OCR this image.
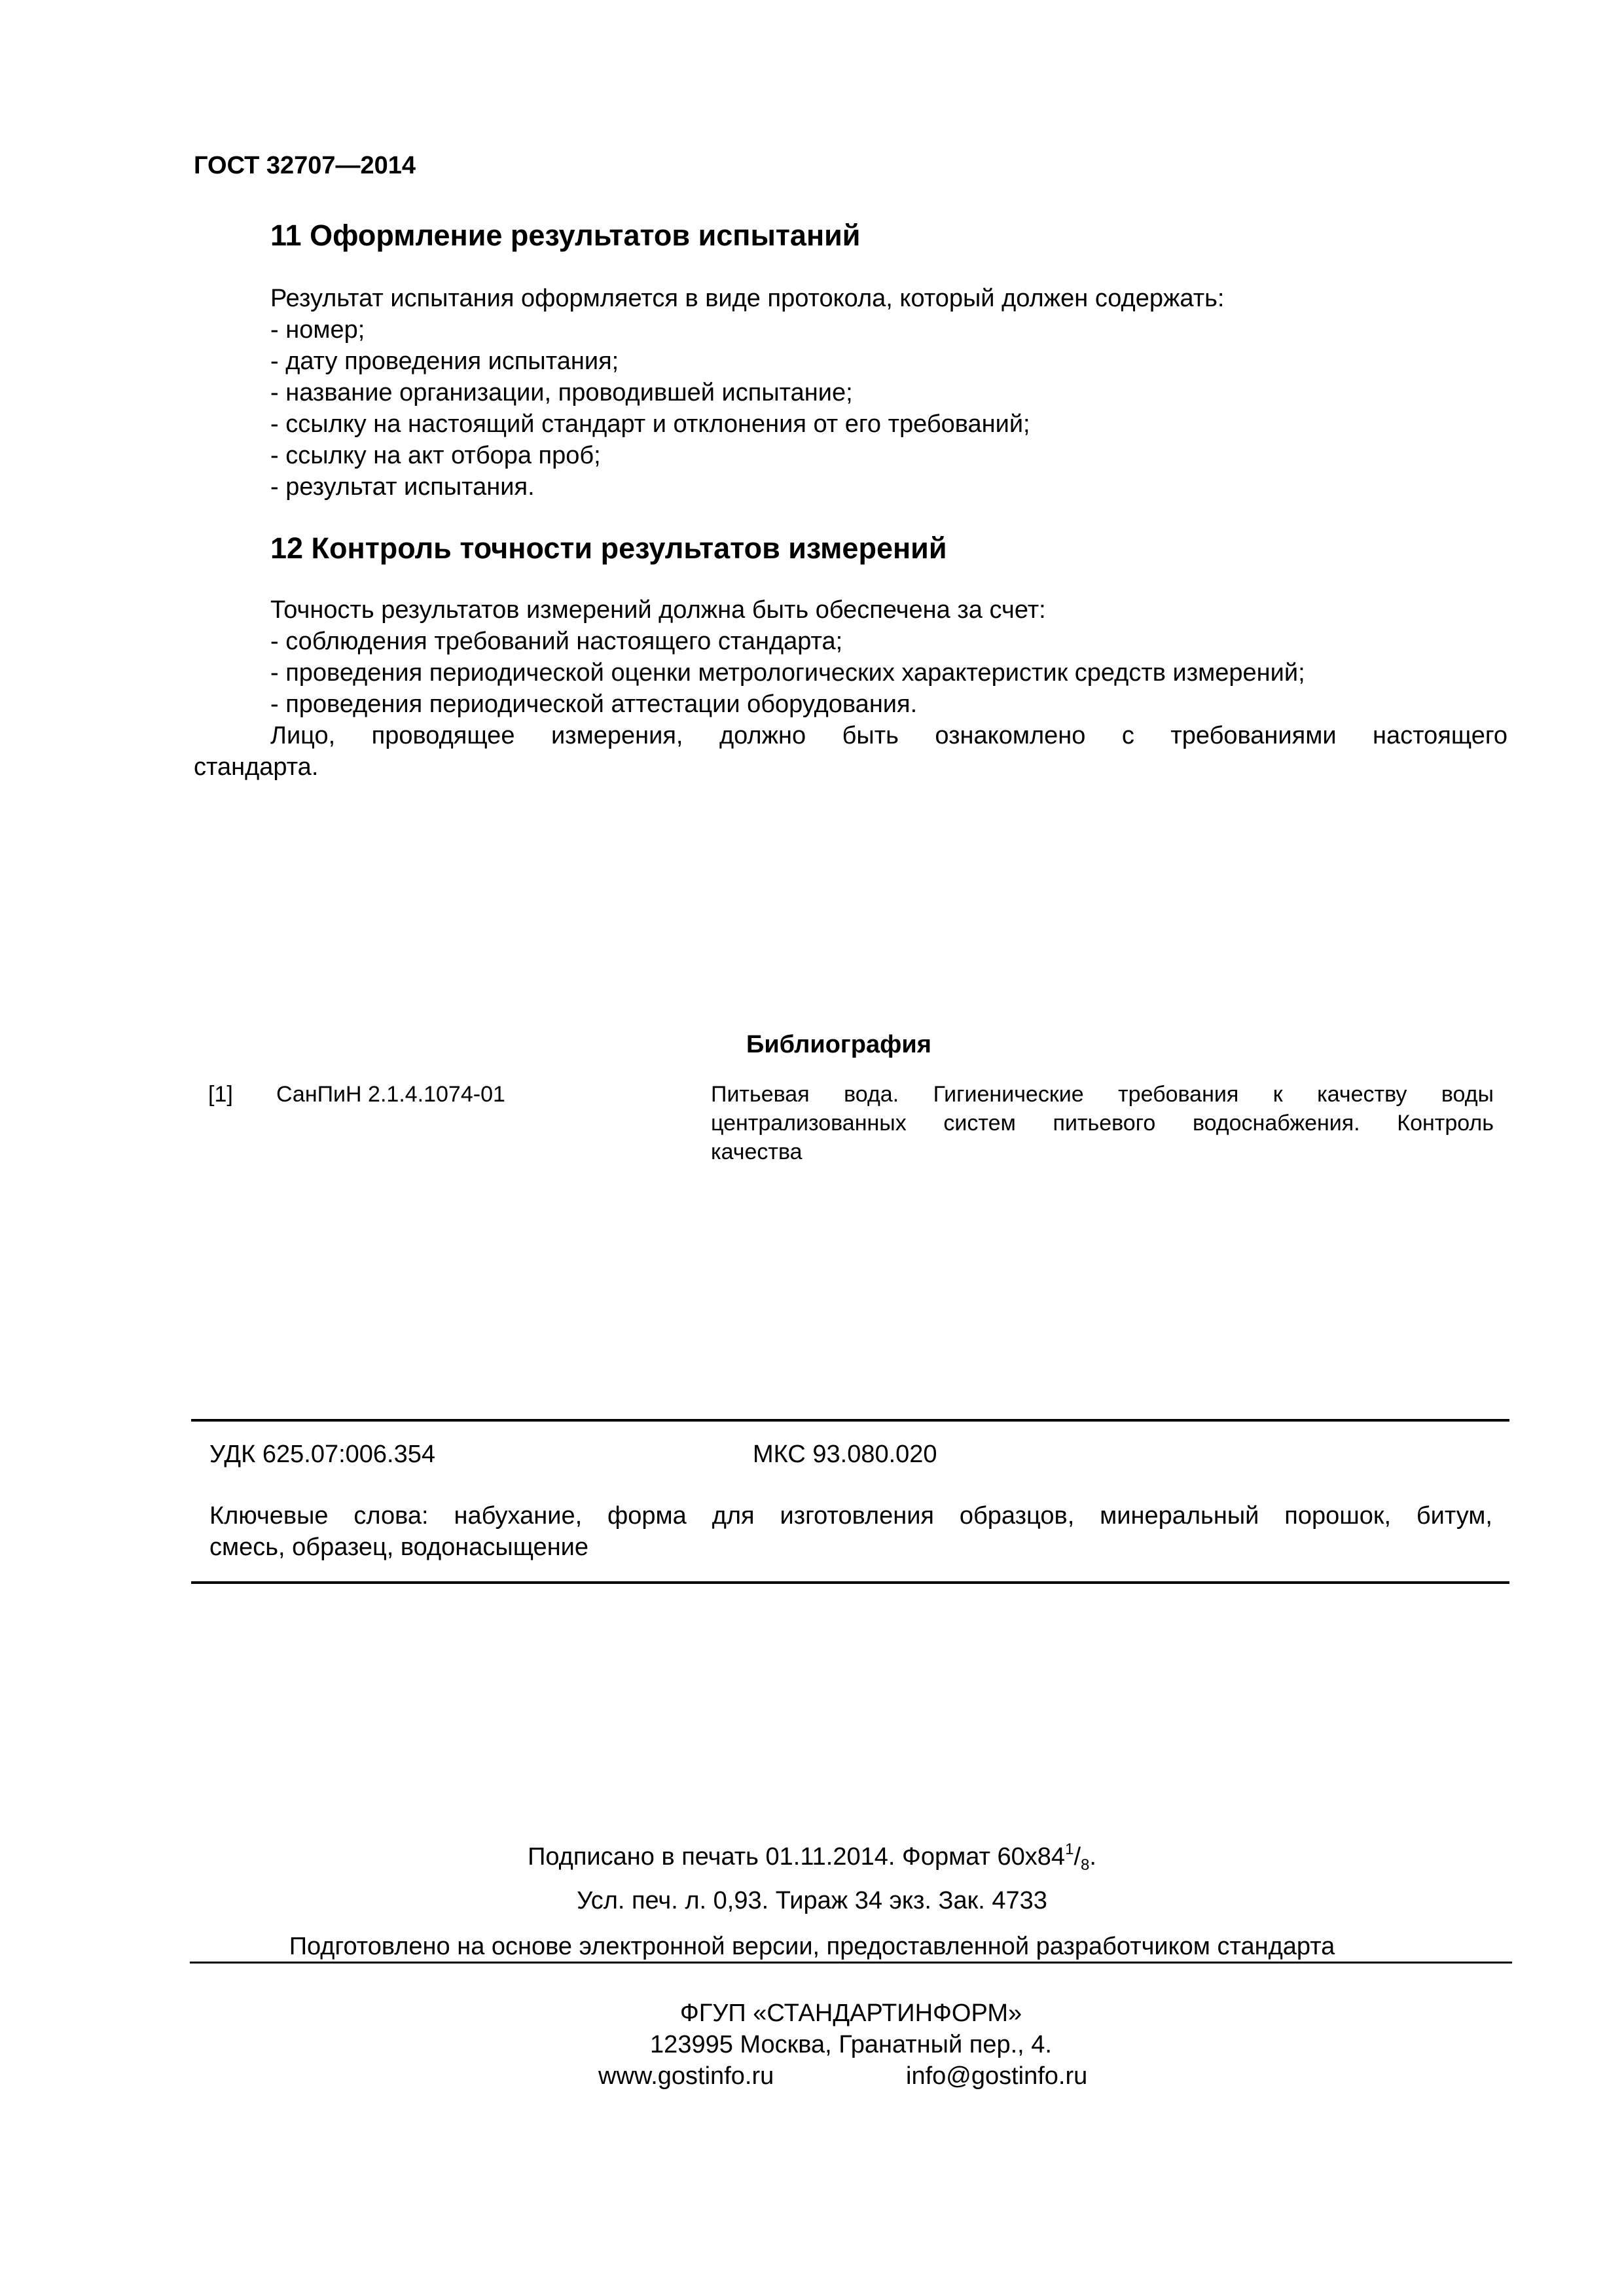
ГОСТ 32707—2014
11 Оформление результатов испытаний
Результат испытания оформляется в виде протокола, который должен содержать:
- номер;
- дату проведения испытания;
- название организации, проводившей испытание;
- ссылку на настоящий стандарт и отклонения от его требований;
- ссылку на акт отбора проб;
- результат испытания.
12 Контроль точности результатов измерений
Точность результатов измерений должна быть обеспечена за счет:
- соблюдения требований настоящего стандарта;
- проведения периодической оценки метрологических характеристик средств измерений;
- проведения периодической аттестации оборудования.
Лицо, проводящее измерения, должно быть ознакомлено с требованиями настоящего
стандарта.
Библиография
[1] СанПиН 2.1.4.1074-01	Питьевая вода. Гигиенические требования к качеству воды
централизованных систем питьевого водоснабжения. Контроль
качества
УДК 625.07:006.354	МКС 93.080.020
Ключевые слова: набухание, форма для изготовления образцов, минеральный порошок, битум,
смесь, образец, водонасыщение
Подписано в печать 01.11.2014. Формат $60х84^1/_8$.
Усл. печ. л. 0,93. Тираж 34 экз. Зак. 4733
Подготовлено на основе электронной версии, предоставленной разработчиком стандарта
ФГУП «СТАНДАРТИНФОРМ»
123995 Москва, Гранатный пер., 4.
www.gostinfo.ru	info@gostinfo.ru
